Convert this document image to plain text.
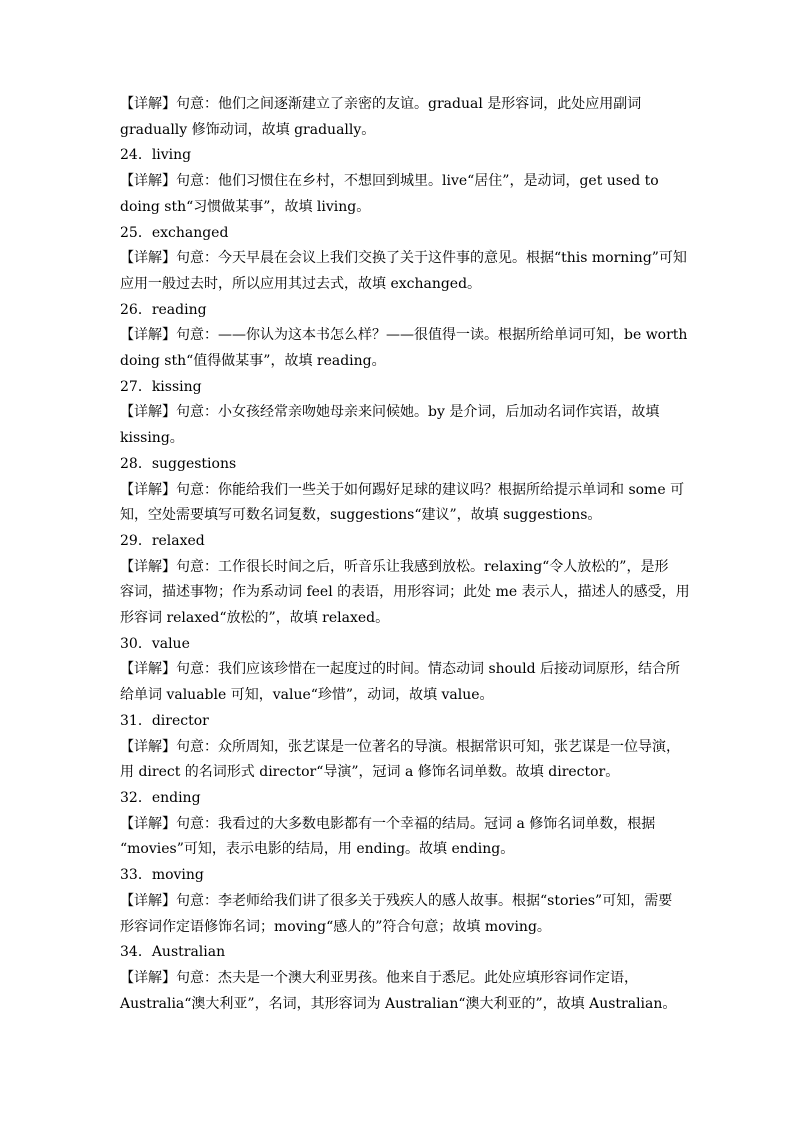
【详解】句意：他们之间逐渐建立了亲密的友谊。gradual 是形容词，此处应用副词
gradually 修饰动词，故填 gradually。
24．living
【详解】句意：他们习惯住在乡村，不想回到城里。live“居住”，是动词，get used to
doing sth“习惯做某事”，故填 living。
25．exchanged
【详解】句意：今天早晨在会议上我们交换了关于这件事的意见。根据“this morning”可知
应用一般过去时，所以应用其过去式，故填 exchanged。
26．reading
【详解】句意：——你认为这本书怎么样？——很值得一读。根据所给单词可知，be worth
doing sth“值得做某事”，故填 reading。
27．kissing
【详解】句意：小女孩经常亲吻她母亲来问候她。by 是介词，后加动名词作宾语，故填
kissing。
28．suggestions
【详解】句意：你能给我们一些关于如何踢好足球的建议吗？根据所给提示单词和 some 可
知，空处需要填写可数名词复数，suggestions“建议”，故填 suggestions。
29．relaxed
【详解】句意：工作很长时间之后，听音乐让我感到放松。relaxing“令人放松的”，是形
容词，描述事物；作为系动词 feel 的表语，用形容词；此处 me 表示人，描述人的感受，用
形容词 relaxed“放松的”，故填 relaxed。
30．value
【详解】句意：我们应该珍惜在一起度过的时间。情态动词 should 后接动词原形，结合所
给单词 valuable 可知，value“珍惜”，动词，故填 value。
31．director
【详解】句意：众所周知，张艺谋是一位著名的导演。根据常识可知，张艺谋是一位导演，
用 direct 的名词形式 director“导演”，冠词 a 修饰名词单数。故填 director。
32．ending
【详解】句意：我看过的大多数电影都有一个幸福的结局。冠词 a 修饰名词单数，根据
“movies”可知，表示电影的结局，用 ending。故填 ending。
33．moving
【详解】句意：李老师给我们讲了很多关于残疾人的感人故事。根据“stories”可知，需要
形容词作定语修饰名词；moving“感人的”符合句意；故填 moving。
34．Australian
【详解】句意：杰夫是一个澳大利亚男孩。他来自于悉尼。此处应填形容词作定语，
Australia“澳大利亚”，名词，其形容词为 Australian“澳大利亚的”，故填 Australian。
